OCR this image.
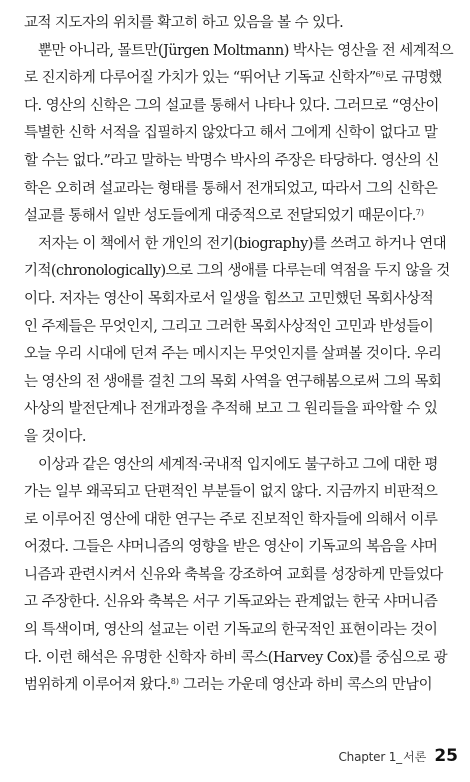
교적 지도자의 위치를 확고히 하고 있음을 볼 수 있다.
뿐만 아니라, 몰트만(Jürgen Moltmann) 박사는 영산을 전 세계적으
로 진지하게 다루어질 가치가 있는 “뛰어난 기독교 신학자”$^{6)}$로 규명했
다. 영산의 신학은 그의 설교를 통해서 나타나 있다. 그러므로 “영산이
특별한 신학 서적을 집필하지 않았다고 해서 그에게 신학이 없다고 말
할 수는 없다.”라고 말하는 박명수 박사의 주장은 타당하다. 영산의 신
학은 오히려 설교라는 형태를 통해서 전개되었고, 따라서 그의 신학은
설교를 통해서 일반 성도들에게 대중적으로 전달되었기 때문이다.$^{7)}$
저자는 이 책에서 한 개인의 전기(biography)를 쓰려고 하거나 연대
기적(chronologically)으로 그의 생애를 다루는데 역점을 두지 않을 것
이다. 저자는 영산이 목회자로서 일생을 힘쓰고 고민했던 목회사상적
인 주제들은 무엇인지, 그리고 그러한 목회사상적인 고민과 반성들이
오늘 우리 시대에 던져 주는 메시지는 무엇인지를 살펴볼 것이다. 우리
는 영산의 전 생애를 걸친 그의 목회 사역을 연구해봄으로써 그의 목회
사상의 발전단계나 전개과정을 추적해 보고 그 원리들을 파악할 수 있
을 것이다.
이상과 같은 영산의 세계적·국내적 입지에도 불구하고 그에 대한 평
가는 일부 왜곡되고 단편적인 부분들이 없지 않다. 지금까지 비판적으
로 이루어진 영산에 대한 연구는 주로 진보적인 학자들에 의해서 이루
어졌다. 그들은 샤머니즘의 영향을 받은 영산이 기독교의 복음을 샤머
니즘과 관련시켜서 신유와 축복을 강조하여 교회를 성장하게 만들었다
고 주장한다. 신유와 축복은 서구 기독교와는 관계없는 한국 샤머니즘
의 특색이며, 영산의 설교는 이런 기독교의 한국적인 표현이라는 것이
다. 이런 해석은 유명한 신학자 하비 콕스(Harvey Cox)를 중심으로 광
범위하게 이루어져 왔다.$^{8)}$ 그러는 가운데 영산과 하비 콕스의 만남이
Chapter 1 _ 서론 25
